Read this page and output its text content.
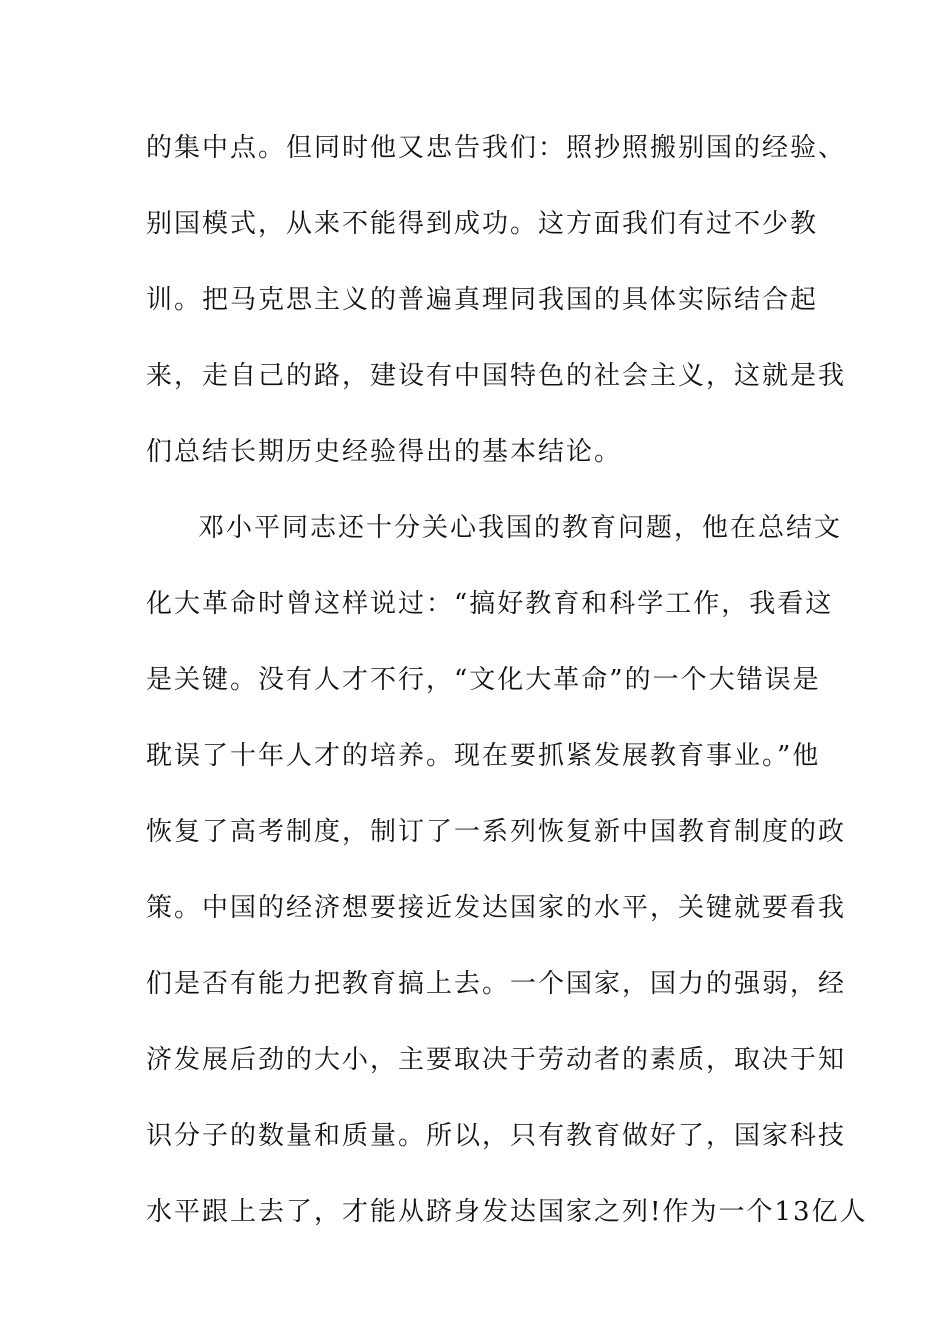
的集中点。但同时他又忠告我们：照抄照搬别国的经验、
别国模式，从来不能得到成功。这方面我们有过不少教
训。把马克思主义的普遍真理同我国的具体实际结合起
来，走自己的路，建设有中国特色的社会主义，这就是我
们总结长期历史经验得出的基本结论。
邓小平同志还十分关心我国的教育问题，他在总结文
化大革命时曾这样说过：“搞好教育和科学工作，我看这
是关键。没有人才不行，“文化大革命”的一个大错误是
耽误了十年人才的培养。现在要抓紧发展教育事业。”他
恢复了高考制度，制订了一系列恢复新中国教育制度的政
策。中国的经济想要接近发达国家的水平，关键就要看我
们是否有能力把教育搞上去。一个国家，国力的强弱，经
济发展后劲的大小，主要取决于劳动者的素质，取决于知
识分子的数量和质量。所以，只有教育做好了，国家科技
水平跟上去了，才能从跻身发达国家之列!作为一个13亿人
